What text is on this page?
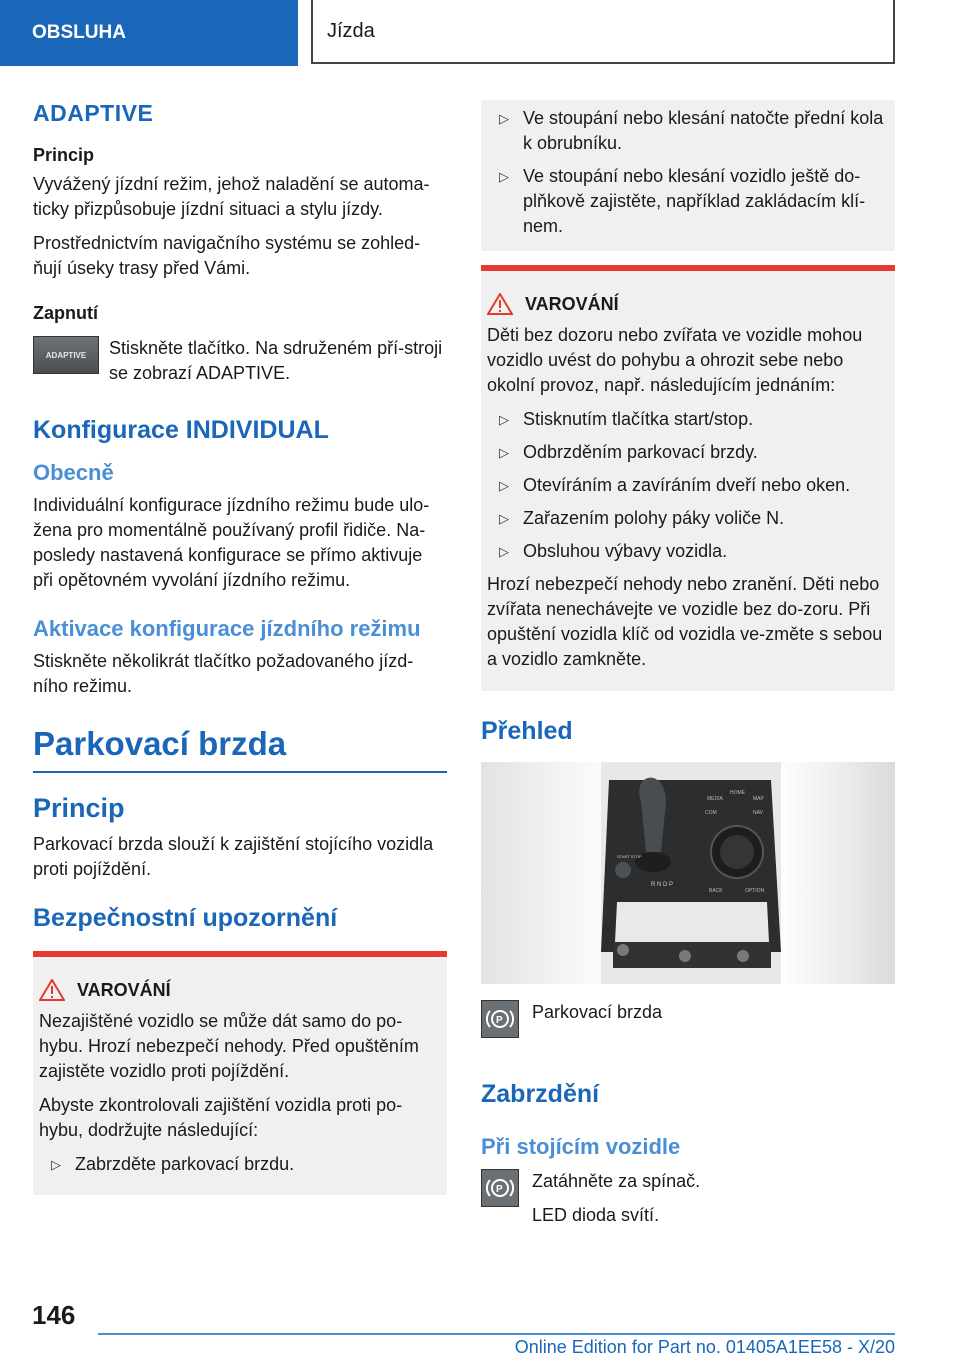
OBSLUHA	Jízda
ADAPTIVE
Princip

Vyvážený jízdní režim, jehož naladění se automa-ticky přizpůsobuje jízdní situaci a stylu jízdy.

Prostřednictvím navigačního systému se zohled-ňují úseky trasy před Vámi.

Zapnutí
ADAPTIVE Stiskněte tlačítko. Na sdruženém pří-stroji se zobrazí ADAPTIVE.

Konfigurace INDIVIDUAL
Obecně

Individuální konfigurace jízdního režimu bude ulo-žena pro momentálně používaný profil řidiče. Na-posledy nastavená konfigurace se přímo aktivuje při opětovném vyvolání jízdního režimu.

Aktivace konfigurace jízdního režimu

Stiskněte několikrát tlačítko požadovaného jízd-ního režimu.

Parkovací brzda
Princip

Parkovací brzda slouží k zajištění stojícího vozidla proti pojíždění.

Bezpečnostní upozornění
VAROVÁNÍ

Nezajištěné vozidlo se může dát samo do po-hybu. Hrozí nebezpečí nehody. Před opuštěním zajistěte vozidlo proti pojíždění.

Abyste zkontrolovali zajištění vozidla proti po-hybu, dodržujte následující:

▷ Zabrzděte parkovací brzdu.
▷ Ve stoupání nebo klesání natočte přední kola k obrubníku.
▷ Ve stoupání nebo klesání vozidlo ještě do-plňkově zajistěte, například zakládacím klí-nem.
VAROVÁNÍ

Děti bez dozoru nebo zvířata ve vozidle mohou vozidlo uvést do pohybu a ohrozit sebe nebo okolní provoz, např. následujícím jednáním:

▷ Stisknutím tlačítka start/stop.
▷ Odbrzděním parkovací brzdy.
▷ Otevíráním a zavíráním dveří nebo oken.
▷ Zařazením polohy páky voliče N.
▷ Obsluhou výbavy vozidla.

Hrozí nebezpečí nehody nebo zranění. Děti nebo zvířata nenechávejte ve vozidle bez do-zoru. Při opuštění vozidla klíč od vozidla ve-změte s sebou a vozidlo zamkněte.

Přehled
MEDIA
HOME
MAP
COM	NAV
BACK	OPTION
START STOP
R N D P
P Parkovací brzda

Zabrzdění
Při stojícím vozidle
P Zatáhněte za spínač.

LED dioda svítí.

146
Online Edition for Part no. 01405A1EE58 - X/20
